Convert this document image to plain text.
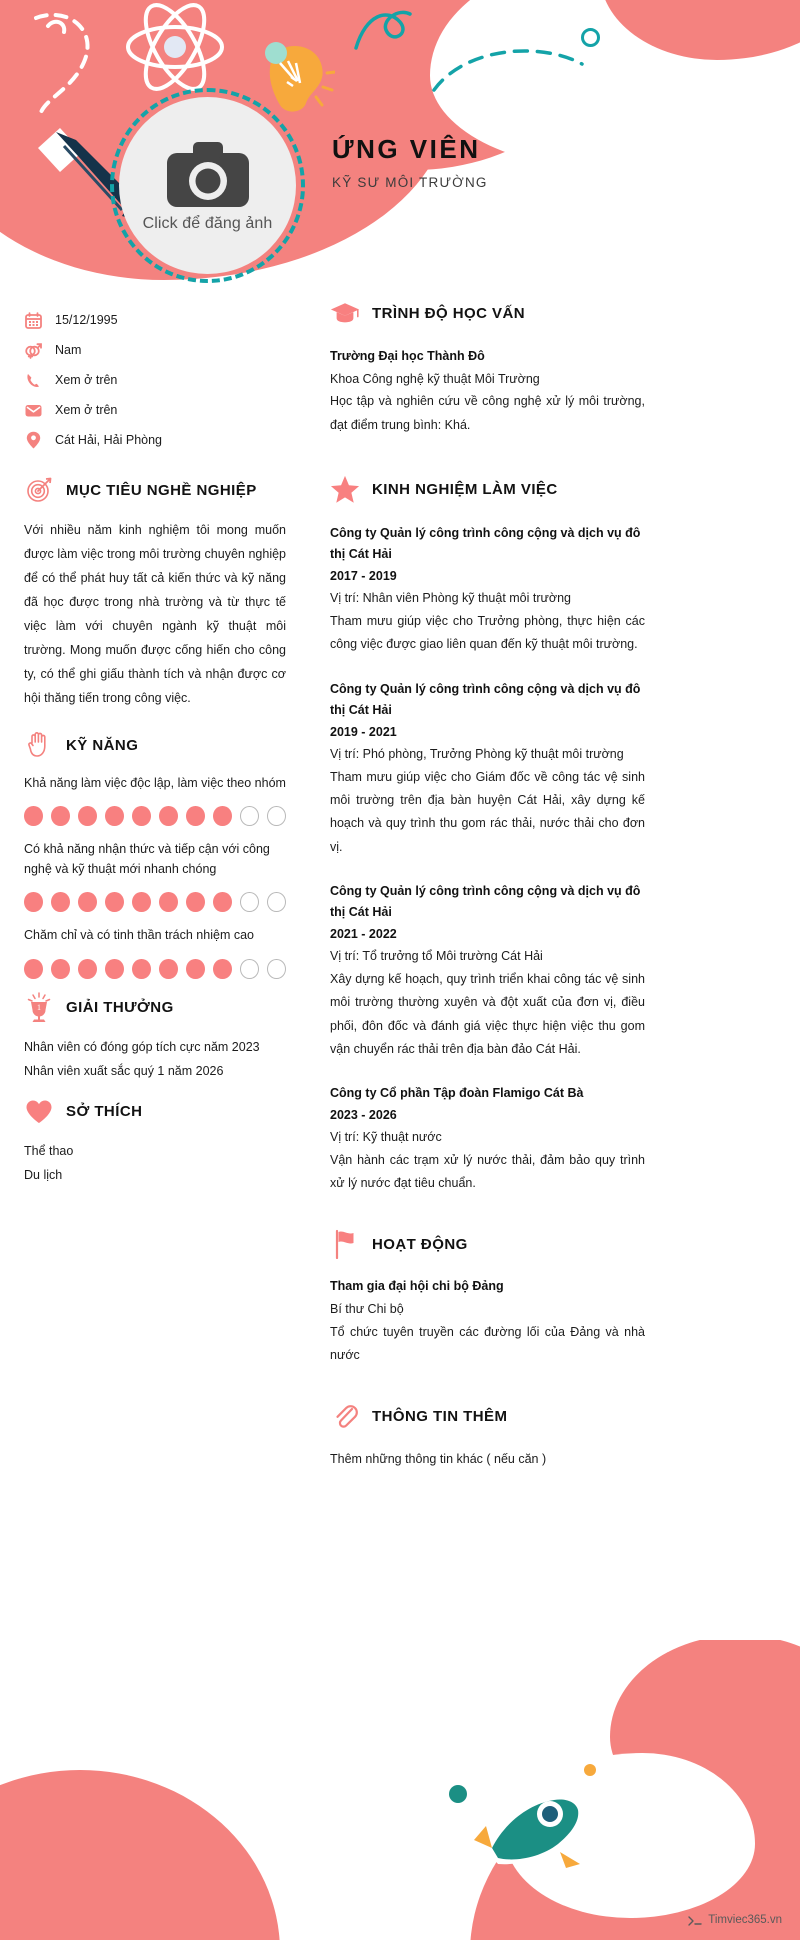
Click để đăng ảnh
ỨNG VIÊN
KỸ SƯ MÔI TRƯỜNG
15/12/1995
Nam
Xem ở trên
Xem ở trên
Cát Hải, Hải Phòng
MỤC TIÊU NGHỀ NGHIỆP
Với nhiều năm kinh nghiệm tôi mong muốn được làm việc trong môi trường chuyên nghiệp để có thể phát huy tất cả kiến thức và kỹ năng đã học được trong nhà trường và từ thực tế việc làm với chuyên ngành kỹ thuật môi trường. Mong muốn được cống hiến cho công ty, có thể ghi giấu thành tích và nhận được cơ hội thăng tiến trong công việc.
KỸ NĂNG
Khả năng làm việc độc lập, làm việc theo nhóm
Có khả năng nhận thức và tiếp cận với công nghệ và kỹ thuật mới nhanh chóng
Chăm chỉ và có tinh thần trách nhiệm cao
1 GIẢI THƯỞNG
Nhân viên có đóng góp tích cực năm 2023
Nhân viên xuất sắc quý 1 năm 2026
SỞ THÍCH
Thể thao
Du lịch
TRÌNH ĐỘ HỌC VẤN
Trường Đại học Thành Đô
Khoa Công nghệ kỹ thuật Môi Trường
Học tập và nghiên cứu về công nghệ xử lý môi trường, đạt điểm trung bình: Khá.
KINH NGHIỆM LÀM VIỆC
Công ty Quản lý công trình công cộng và dịch vụ đô thị Cát Hải
2017 - 2019
Vị trí: Nhân viên Phòng kỹ thuật môi trường
Tham mưu giúp việc cho Trưởng phòng, thực hiện các công việc được giao liên quan đến kỹ thuật môi trường.
Công ty Quản lý công trình công cộng và dịch vụ đô thị Cát Hải
2019 - 2021
Vị trí: Phó phòng, Trưởng Phòng kỹ thuật môi trường
Tham mưu giúp việc cho Giám đốc về công tác vệ sinh môi trường trên địa bàn huyện Cát Hải, xây dựng kế hoạch và quy trình thu gom rác thải, nước thải cho đơn vị.
Công ty Quản lý công trình công cộng và dịch vụ đô thị Cát Hải
2021 - 2022
Vị trí: Tổ trưởng tổ Môi trường Cát Hải
Xây dựng kế hoạch, quy trình triển khai công tác vệ sinh môi trường thường xuyên và đột xuất của đơn vị, điều phối, đôn đốc và đánh giá việc thực hiện việc thu gom vận chuyển rác thải trên địa bàn đảo Cát Hải.
Công ty Cổ phần Tập đoàn Flamigo Cát Bà
2023 - 2026
Vị trí: Kỹ thuật nước
Vận hành các trạm xử lý nước thải, đảm bảo quy trình xử lý nước đạt tiêu chuẩn.
HOẠT ĐỘNG
Tham gia đại hội chi bộ Đảng
Bí thư Chi bộ
Tổ chức tuyên truyền các đường lối của Đảng và nhà nước
THÔNG TIN THÊM
Thêm những thông tin khác ( nếu căn )
Timviec365.vn
